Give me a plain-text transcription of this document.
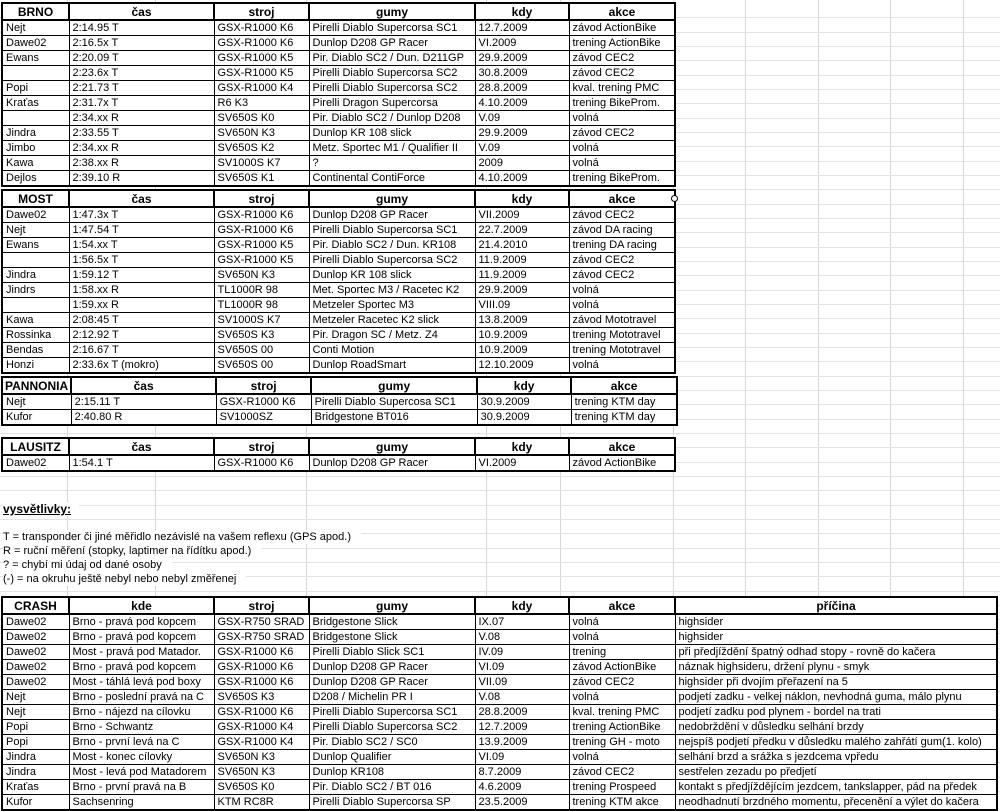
BRNO	čas	stroj	gumy	kdy	akce
Nejt	2:14.95 T	GSX-R1000 K6	Pirelli Diablo Supercorsa SC1	12.7.2009	závod ActionBike
Dawe02	2:16.5x T	GSX-R1000 K6	Dunlop D208 GP Racer	VI.2009	trening ActionBike
Ewans	2:20.09 T	GSX-R1000 K5	Pir. Diablo SC2 / Dun. D211GP	29.9.2009	závod CEC2
	2:23.6x T	GSX-R1000 K5	Pirelli Diablo Supercorsa SC2	30.8.2009	závod CEC2
Popi	2:21.73 T	GSX-R1000 K4	Pirelli Diablo Supercorsa SC2	28.8.2009	kval. trening PMC
Kraťas	2:31.7x T	R6 K3	Pirelli Dragon Supercorsa	4.10.2009	trening BikeProm.
	2:34.xx R	SV650S K0	Pir. Diablo SC2 / Dunlop D208	V.09	volná
Jindra	2:33.55 T	SV650N K3	Dunlop KR 108 slick	29.9.2009	závod CEC2
Jimbo	2:34.xx R	SV650S K2	Metz. Sportec M1 / Qualifier II	V.09	volná
Kawa	2:38.xx R	SV1000S K7	?	2009	volná
Dejlos	2:39.10 R	SV650S K1	Continental ContiForce	4.10.2009	trening BikeProm.
MOST	čas	stroj	gumy	kdy	akce

Dawe02	1:47.3x T	GSX-R1000 K6	Dunlop D208 GP Racer	VII.2009	závod CEC2
Nejt	1:47.54 T	GSX-R1000 K6	Pirelli Diablo Supercorsa SC1	22.7.2009	závod DA racing
Ewans	1:54.xx T	GSX-R1000 K5	Pir. Diablo SC2 / Dun. KR108	21.4.2010	trening DA racing
	1:56.5x T	GSX-R1000 K5	Pirelli Diablo Supercorsa SC2	11.9.2009	závod CEC2
Jindra	1:59.12 T	SV650N K3	Dunlop KR 108 slick	11.9.2009	závod CEC2
Jindrs	1:58.xx R	TL1000R 98	Met. Sportec M3 / Racetec K2	29.9.2009	volná
	1:59.xx R	TL1000R 98	Metzeler Sportec M3	VIII.09	volná
Kawa	2:08:45 T	SV1000S K7	Metzeler Racetec K2 slick	13.8.2009	závod Mototravel
Rossinka	2:12.92 T	SV650S K3	Pir. Dragon SC / Metz. Z4	10.9.2009	trening Mototravel
Bendas	2:16.67 T	SV650S 00	Conti Motion	10.9.2009	trening Mototravel
Honzi	2:33.6x T (mokro)	SV650S 00	Dunlop RoadSmart	12.10.2009	volná
PANNONIA	čas	stroj	gumy	kdy	akce
Nejt	2:15.11 T	GSX-R1000 K6	Pirelli Diablo Supercosa SC1	30.9.2009	trening KTM day
Kufor	2:40.80 R	SV1000SZ	Bridgestone BT016	30.9.2009	trening KTM day
LAUSITZ	čas	stroj	gumy	kdy	akce
Dawe02	1:54.1 T	GSX-R1000 K6	Dunlop D208 GP Racer	VI.2009	závod ActionBike
CRASH	kde	stroj	gumy	kdy	akce	příčina
Dawe02	Brno - pravá pod kopcem	GSX-R750 SRAD	Bridgestone Slick	IX.07	volná	highsider
Dawe02	Brno - pravá pod kopcem	GSX-R750 SRAD	Bridgestone Slick	V.08	volná	highsider
Dawe02	Most - pravá pod Matador.	GSX-R1000 K6	Pirelli Diablo Slick SC1	IV.09	trening	při předjíždění špatný odhad stopy - rovně do kačera
Dawe02	Brno - pravá pod kopcem	GSX-R1000 K6	Dunlop D208 GP Racer	VI.09	závod ActionBike	náznak highsideru, držení plynu - smyk
Dawe02	Most - táhlá levá pod boxy	GSX-R1000 K6	Dunlop D208 GP Racer	VII.09	závod CEC2	highsider při dvojím přeřazení na 5
Nejt	Brno - poslední pravá na C	SV650S K3	D208 / Michelin PR I	V.08	volná	podjetí zadku - velkej náklon, nevhodná guma, málo plynu
Nejt	Brno - nájezd na cílovku	GSX-R1000 K6	Pirelli Diablo Supercorsa SC1	28.8.2009	kval. trening PMC	podjetí zadku pod plynem - bordel na trati
Popi	Brno - Schwantz	GSX-R1000 K4	Pirelli Diablo Supercorsa SC2	12.7.2009	trening ActionBike	nedobrždění v důsledku selhání brzdy
Popi	Brno - první levá na C	GSX-R1000 K4	Pir. Diablo SC2 / SC0	13.9.2009	trening GH - moto	nejspíš podjetí předku v důsledku malého zahřátí gum(1. kolo)
Jindra	Most - konec cílovky	SV650N K3	Dunlop Qualifier	VI.09	volná	selhání brzd a srážka s jezdcema vpředu
Jindra	Most - levá pod Matadorem	SV650N K3	Dunlop KR108	8.7.2009	závod CEC2	sestřelen zezadu po předjetí
Kraťas	Brno - první pravá na B	SV650S K0	Pir. Diablo SC2 / BT 016	4.6.2009	trening Prospeed	kontakt s předjíždějícím jezdcem, tankslapper, pád na předek
Kufor	Sachsenring	KTM RC8R	Pirelli Diablo Supercorsa SP	23.5.2009	trening KTM akce	neodhadnutí brzdného momentu, přecenění a výlet do kačera
vysvětlivky:
T = transponder či jiné měřidlo nezávislé na vašem reflexu (GPS apod.)
R = ruční měření (stopky, laptimer na řídítku apod.)
? = chybí mi údaj od dané osoby
(-) = na okruhu ještě nebyl nebo nebyl změřenej
